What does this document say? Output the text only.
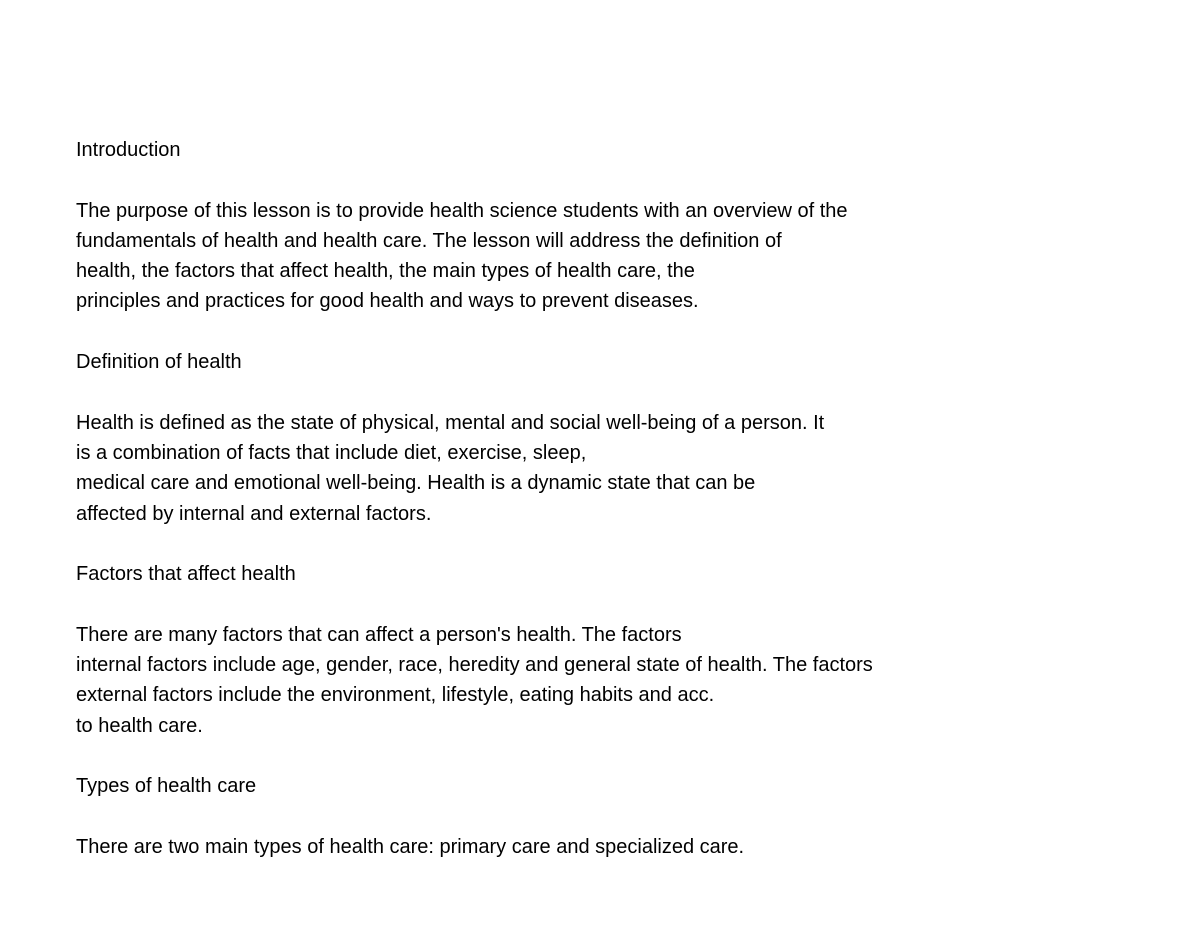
Introduction
The purpose of this lesson is to provide health science students with an overview of the
fundamentals of health and health care. The lesson will address the definition of
health, the factors that affect health, the main types of health care, the
principles and practices for good health and ways to prevent diseases.
Definition of health
Health is defined as the state of physical, mental and social well-being of a person. It
is a combination of facts that include diet, exercise, sleep,
medical care and emotional well-being. Health is a dynamic state that can be
affected by internal and external factors.
Factors that affect health
There are many factors that can affect a person's health. The factors
internal factors include age, gender, race, heredity and general state of health. The factors
external factors include the environment, lifestyle, eating habits and acc.
to health care.
Types of health care
There are two main types of health care: primary care and specialized care.
